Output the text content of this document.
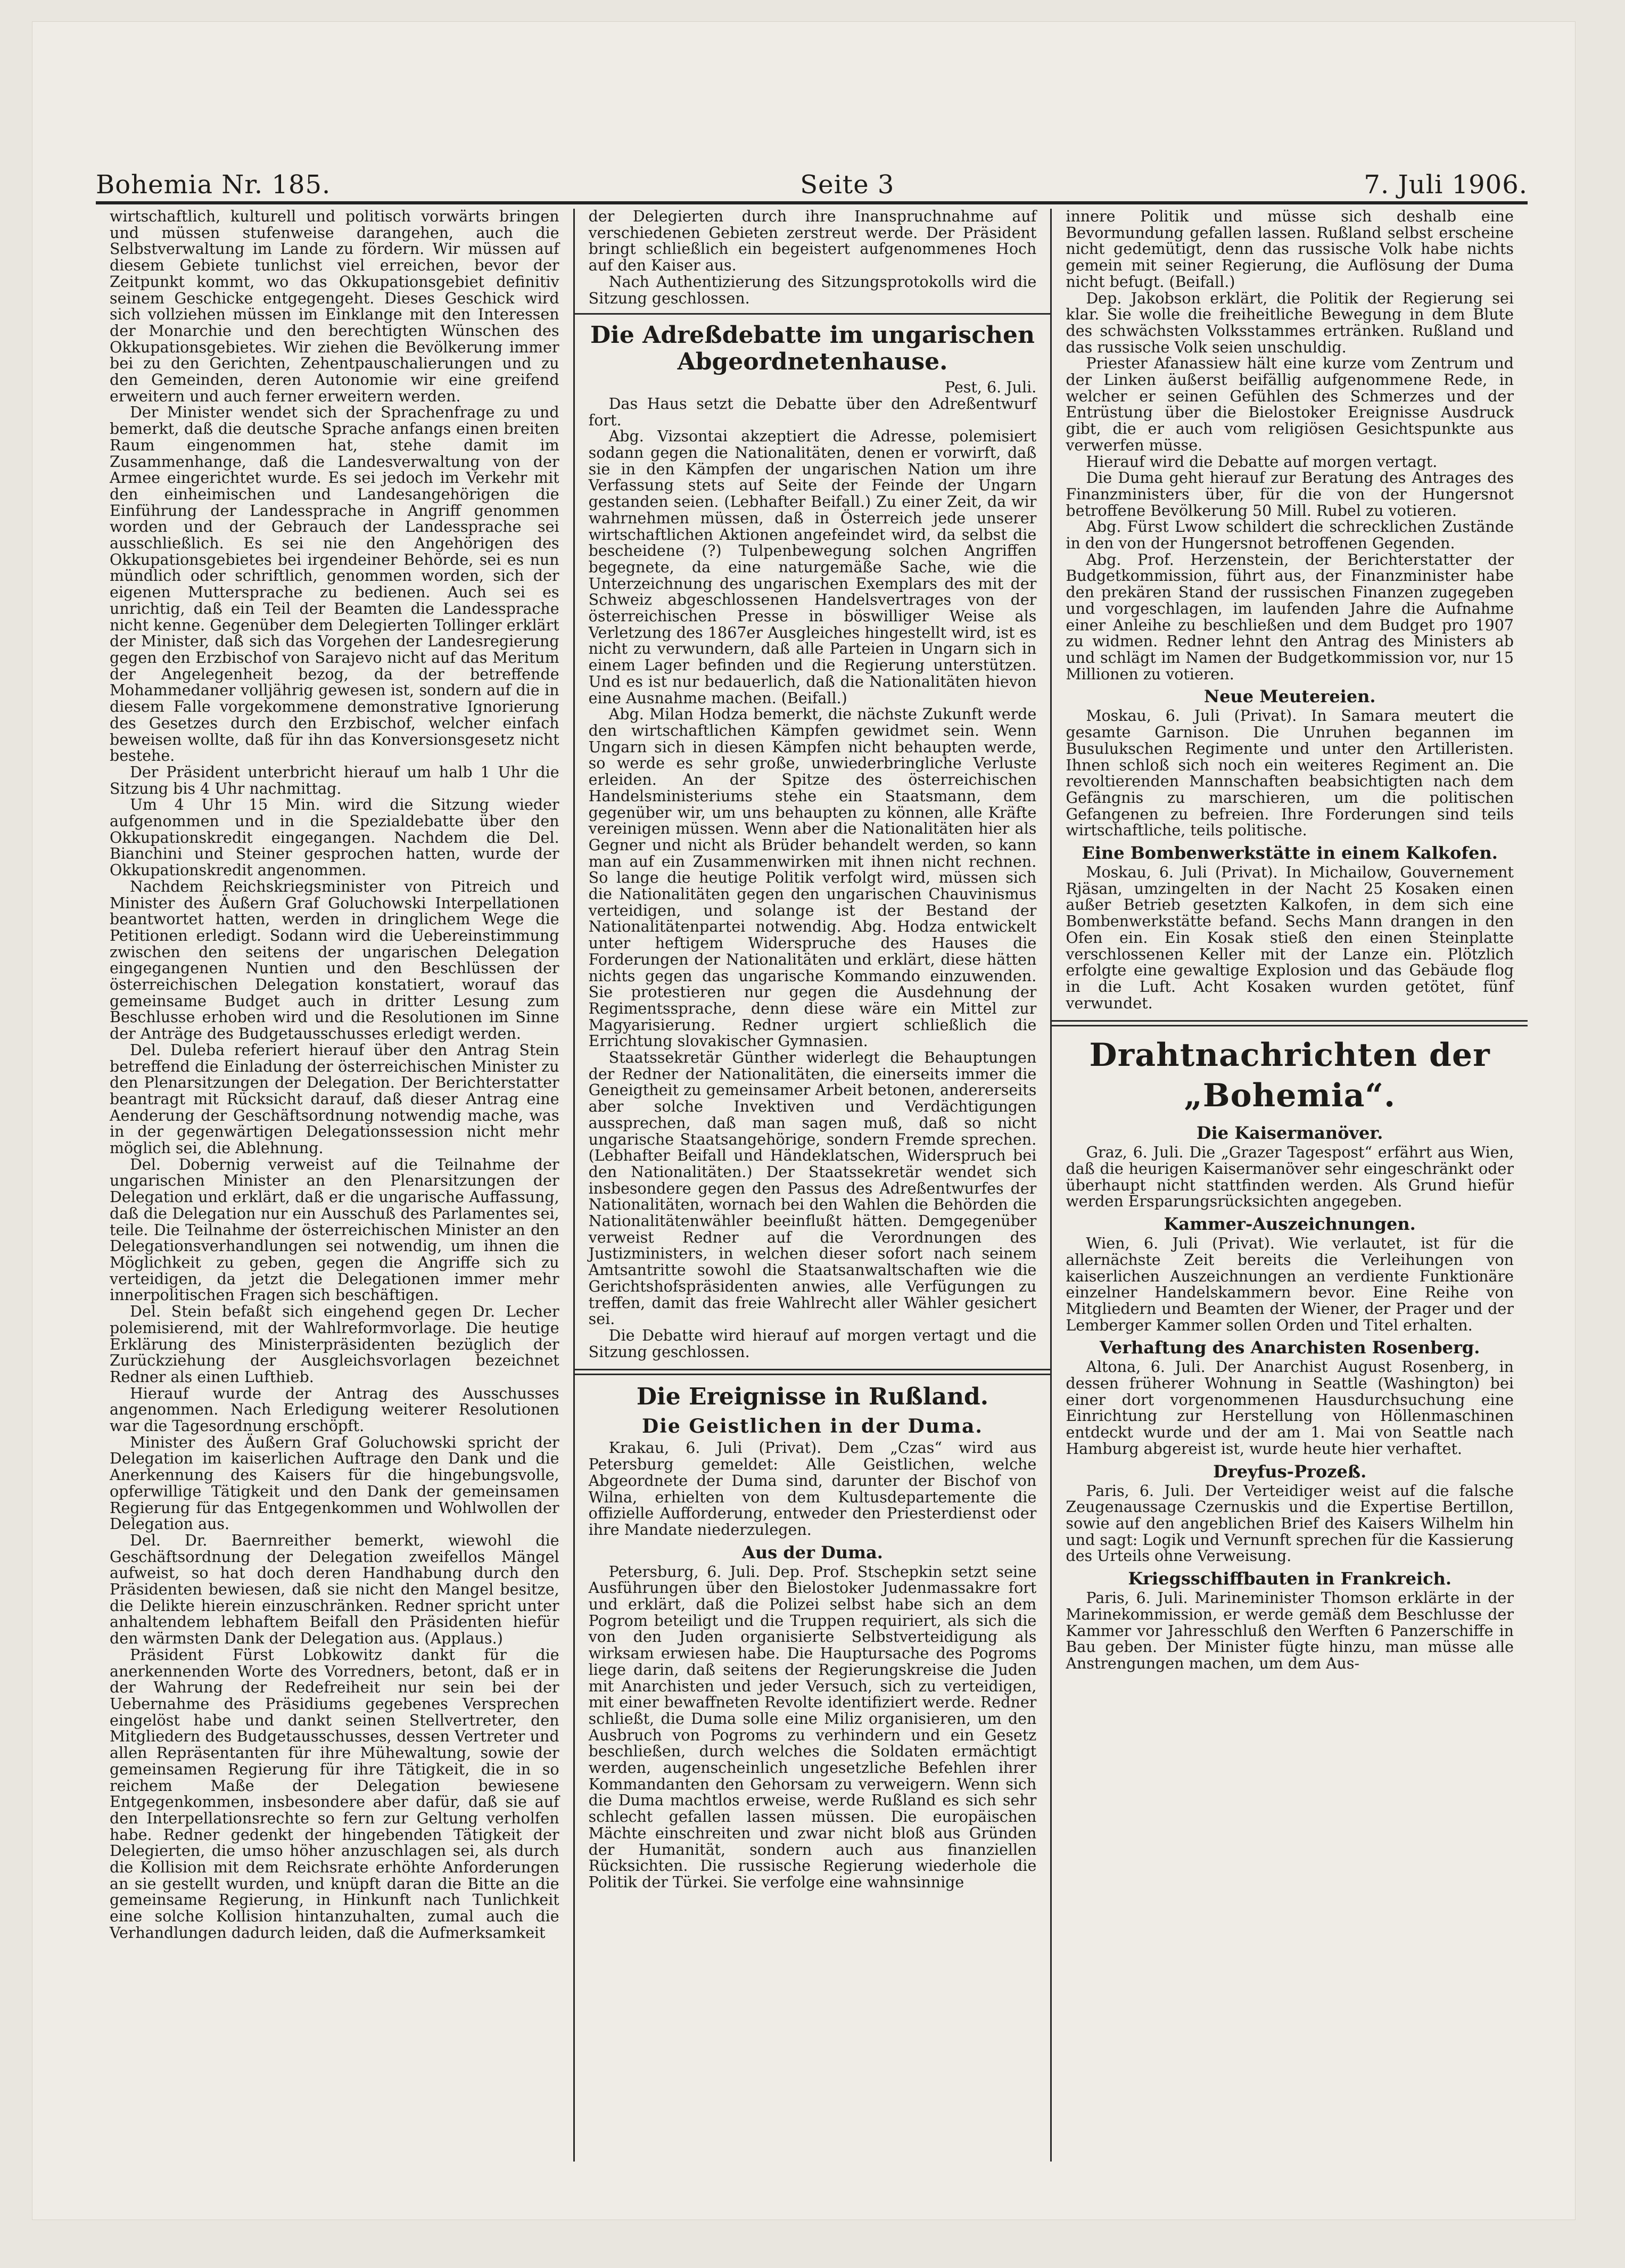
Bohemia Nr. 185.	Seite 3	7. Juli 1906.

wirtschaftlich, kulturell und politisch vorwärts bringen und müssen stufenweise darangehen, auch die Selbstverwaltung im Lande zu fördern. Wir müssen auf diesem Gebiete tunlichst viel erreichen, bevor der Zeitpunkt kommt, wo das Okkupationsgebiet definitiv seinem Geschicke entgegengeht. Dieses Geschick wird sich vollziehen müssen im Einklange mit den Interessen der Monarchie und den berechtigten Wünschen des Okkupationsgebietes. Wir ziehen die Bevölkerung immer bei zu den Gerichten, Zehentpauschalierungen und zu den Gemeinden, deren Autonomie wir eine greifend erweitern und auch ferner erweitern werden.

Der Minister wendet sich der Sprachenfrage zu und bemerkt, daß die deutsche Sprache anfangs einen breiten Raum eingenommen hat, stehe damit im Zusammenhange, daß die Landesverwaltung von der Armee eingerichtet wurde. Es sei jedoch im Verkehr mit den einheimischen und Landesangehörigen die Einführung der Landessprache in Angriff genommen worden und der Gebrauch der Landessprache sei ausschließlich. Es sei nie den Angehörigen des Okkupationsgebietes bei irgendeiner Behörde, sei es nun mündlich oder schriftlich, genommen worden, sich der eigenen Muttersprache zu bedienen. Auch sei es unrichtig, daß ein Teil der Beamten die Landessprache nicht kenne. Gegenüber dem Delegierten Tollinger erklärt der Minister, daß sich das Vorgehen der Landesregierung gegen den Erzbischof von Sarajevo nicht auf das Meritum der Angelegenheit bezog, da der betreffende Mohammedaner volljährig gewesen ist, sondern auf die in diesem Falle vorgekommene demonstrative Ignorierung des Gesetzes durch den Erzbischof, welcher einfach beweisen wollte, daß für ihn das Konversionsgesetz nicht bestehe.

Der Präsident unterbricht hierauf um halb 1 Uhr die Sitzung bis 4 Uhr nachmittag.

Um 4 Uhr 15 Min. wird die Sitzung wieder aufgenommen und in die Spezialdebatte über den Okkupationskredit eingegangen. Nachdem die Del. Bianchini und Steiner gesprochen hatten, wurde der Okkupationskredit angenommen.

Nachdem Reichskriegsminister von Pitreich und Minister des Äußern Graf Goluchowski Interpellationen beantwortet hatten, werden in dringlichem Wege die Petitionen erledigt. Sodann wird die Uebereinstimmung zwischen den seitens der ungarischen Delegation eingegangenen Nuntien und den Beschlüssen der österreichischen Delegation konstatiert, worauf das gemeinsame Budget auch in dritter Lesung zum Beschlusse erhoben wird und die Resolutionen im Sinne der Anträge des Budgetausschusses erledigt werden.

Del. Duleba referiert hierauf über den Antrag Stein betreffend die Einladung der österreichischen Minister zu den Plenarsitzungen der Delegation. Der Berichterstatter beantragt mit Rücksicht darauf, daß dieser Antrag eine Aenderung der Geschäftsordnung notwendig mache, was in der gegenwärtigen Delegationssession nicht mehr möglich sei, die Ablehnung.

Del. Dobernig verweist auf die Teilnahme der ungarischen Minister an den Plenarsitzungen der Delegation und erklärt, daß er die ungarische Auffassung, daß die Delegation nur ein Ausschuß des Parlamentes sei, teile. Die Teilnahme der österreichischen Minister an den Delegationsverhandlungen sei notwendig, um ihnen die Möglichkeit zu geben, gegen die Angriffe sich zu verteidigen, da jetzt die Delegationen immer mehr innerpolitischen Fragen sich beschäftigen.

Del. Stein befaßt sich eingehend gegen Dr. Lecher polemisierend, mit der Wahlreformvorlage. Die heutige Erklärung des Ministerpräsidenten bezüglich der Zurückziehung der Ausgleichsvorlagen bezeichnet Redner als einen Lufthieb.

Hierauf wurde der Antrag des Ausschusses angenommen. Nach Erledigung weiterer Resolutionen war die Tagesordnung erschöpft.

Minister des Äußern Graf Goluchowski spricht der Delegation im kaiserlichen Auftrage den Dank und die Anerkennung des Kaisers für die hingebungsvolle, opferwillige Tätigkeit und den Dank der gemeinsamen Regierung für das Entgegenkommen und Wohlwollen der Delegation aus.

Del. Dr. Baernreither bemerkt, wiewohl die Geschäftsordnung der Delegation zweifellos Mängel aufweist, so hat doch deren Handhabung durch den Präsidenten bewiesen, daß sie nicht den Mangel besitze, die Delikte hierein einzuschränken. Redner spricht unter anhaltendem lebhaftem Beifall den Präsidenten hiefür den wärmsten Dank der Delegation aus. (Applaus.)

Präsident Fürst Lobkowitz dankt für die anerkennenden Worte des Vorredners, betont, daß er in der Wahrung der Redefreiheit nur sein bei der Uebernahme des Präsidiums gegebenes Versprechen eingelöst habe und dankt seinen Stellvertreter, den Mitgliedern des Budgetausschusses, dessen Vertreter und allen Repräsentanten für ihre Mühewaltung, sowie der gemeinsamen Regierung für ihre Tätigkeit, die in so reichem Maße der Delegation bewiesene Entgegenkommen, insbesondere aber dafür, daß sie auf den Interpellationsrechte so fern zur Geltung verholfen habe. Redner gedenkt der hingebenden Tätigkeit der Delegierten, die umso höher anzuschlagen sei, als durch die Kollision mit dem Reichsrate erhöhte Anforderungen an sie gestellt wurden, und knüpft daran die Bitte an die gemeinsame Regierung, in Hinkunft nach Tunlichkeit eine solche Kollision hintanzuhalten, zumal auch die Verhandlungen dadurch leiden, daß die Aufmerksamkeit

der Delegierten durch ihre Inanspruchnahme auf verschiedenen Gebieten zerstreut werde. Der Präsident bringt schließlich ein begeistert aufgenommenes Hoch auf den Kaiser aus.

Nach Authentizierung des Sitzungsprotokolls wird die Sitzung geschlossen.

Die Adreßdebatte im ungarischen Abgeordnetenhause.

Pest, 6. Juli.

Das Haus setzt die Debatte über den Adreßentwurf fort.

Abg. Vizsontai akzeptiert die Adresse, polemisiert sodann gegen die Nationalitäten, denen er vorwirft, daß sie in den Kämpfen der ungarischen Nation um ihre Verfassung stets auf Seite der Feinde der Ungarn gestanden seien. (Lebhafter Beifall.) Zu einer Zeit, da wir wahrnehmen müssen, daß in Österreich jede unserer wirtschaftlichen Aktionen angefeindet wird, da selbst die bescheidene (?) Tulpenbewegung solchen Angriffen begegnete, da eine naturgemäße Sache, wie die Unterzeichnung des ungarischen Exemplars des mit der Schweiz abgeschlossenen Handelsvertrages von der österreichischen Presse in böswilliger Weise als Verletzung des 1867er Ausgleiches hingestellt wird, ist es nicht zu verwundern, daß alle Parteien in Ungarn sich in einem Lager befinden und die Regierung unterstützen. Und es ist nur bedauerlich, daß die Nationalitäten hievon eine Ausnahme machen. (Beifall.)

Abg. Milan Hodza bemerkt, die nächste Zukunft werde den wirtschaftlichen Kämpfen gewidmet sein. Wenn Ungarn sich in diesen Kämpfen nicht behaupten werde, so werde es sehr große, unwiederbringliche Verluste erleiden. An der Spitze des österreichischen Handelsministeriums stehe ein Staatsmann, dem gegenüber wir, um uns behaupten zu können, alle Kräfte vereinigen müssen. Wenn aber die Nationalitäten hier als Gegner und nicht als Brüder behandelt werden, so kann man auf ein Zusammenwirken mit ihnen nicht rechnen. So lange die heutige Politik verfolgt wird, müssen sich die Nationalitäten gegen den ungarischen Chauvinismus verteidigen, und solange ist der Bestand der Nationalitätenpartei notwendig. Abg. Hodza entwickelt unter heftigem Widerspruche des Hauses die Forderungen der Nationalitäten und erklärt, diese hätten nichts gegen das ungarische Kommando einzuwenden. Sie protestieren nur gegen die Ausdehnung der Regimentssprache, denn diese wäre ein Mittel zur Magyarisierung. Redner urgiert schließlich die Errichtung slovakischer Gymnasien.

Staatssekretär Günther widerlegt die Behauptungen der Redner der Nationalitäten, die einerseits immer die Geneigtheit zu gemeinsamer Arbeit betonen, andererseits aber solche Invektiven und Verdächtigungen aussprechen, daß man sagen muß, daß so nicht ungarische Staatsangehörige, sondern Fremde sprechen. (Lebhafter Beifall und Händeklatschen, Widerspruch bei den Nationalitäten.) Der Staatssekretär wendet sich insbesondere gegen den Passus des Adreßentwurfes der Nationalitäten, wornach bei den Wahlen die Behörden die Nationalitätenwähler beeinflußt hätten. Demgegenüber verweist Redner auf die Verordnungen des Justizministers, in welchen dieser sofort nach seinem Amtsantritte sowohl die Staatsanwaltschaften wie die Gerichtshofspräsidenten anwies, alle Verfügungen zu treffen, damit das freie Wahlrecht aller Wähler gesichert sei.

Die Debatte wird hierauf auf morgen vertagt und die Sitzung geschlossen.

Die Ereignisse in Rußland.
Die Geistlichen in der Duma.

Krakau, 6. Juli (Privat). Dem „Czas“ wird aus Petersburg gemeldet: Alle Geistlichen, welche Abgeordnete der Duma sind, darunter der Bischof von Wilna, erhielten von dem Kultusdepartemente die offizielle Aufforderung, entweder den Priesterdienst oder ihre Mandate niederzulegen.

Aus der Duma.

Petersburg, 6. Juli. Dep. Prof. Stschepkin setzt seine Ausführungen über den Bielostoker Judenmassakre fort und erklärt, daß die Polizei selbst habe sich an dem Pogrom beteiligt und die Truppen requiriert, als sich die von den Juden organisierte Selbstverteidigung als wirksam erwiesen habe. Die Hauptursache des Pogroms liege darin, daß seitens der Regierungskreise die Juden mit Anarchisten und jeder Versuch, sich zu verteidigen, mit einer bewaffneten Revolte identifiziert werde. Redner schließt, die Duma solle eine Miliz organisieren, um den Ausbruch von Pogroms zu verhindern und ein Gesetz beschließen, durch welches die Soldaten ermächtigt werden, augenscheinlich ungesetzliche Befehlen ihrer Kommandanten den Gehorsam zu verweigern. Wenn sich die Duma machtlos erweise, werde Rußland es sich sehr schlecht gefallen lassen müssen. Die europäischen Mächte einschreiten und zwar nicht bloß aus Gründen der Humanität, sondern auch aus finanziellen Rücksichten. Die russische Regierung wiederhole die Politik der Türkei. Sie verfolge eine wahnsinnige

innere Politik und müsse sich deshalb eine Bevormundung gefallen lassen. Rußland selbst erscheine nicht gedemütigt, denn das russische Volk habe nichts gemein mit seiner Regierung, die Auflösung der Duma nicht befugt. (Beifall.)

Dep. Jakobson erklärt, die Politik der Regierung sei klar. Sie wolle die freiheitliche Bewegung in dem Blute des schwächsten Volksstammes ertränken. Rußland und das russische Volk seien unschuldig.

Priester Afanassiew hält eine kurze vom Zentrum und der Linken äußerst beifällig aufgenommene Rede, in welcher er seinen Gefühlen des Schmerzes und der Entrüstung über die Bielostoker Ereignisse Ausdruck gibt, die er auch vom religiösen Gesichtspunkte aus verwerfen müsse.

Hierauf wird die Debatte auf morgen vertagt.

Die Duma geht hierauf zur Beratung des Antrages des Finanzministers über, für die von der Hungersnot betroffene Bevölkerung 50 Mill. Rubel zu votieren.

Abg. Fürst Lwow schildert die schrecklichen Zustände in den von der Hungersnot betroffenen Gegenden.

Abg. Prof. Herzenstein, der Berichterstatter der Budgetkommission, führt aus, der Finanzminister habe den prekären Stand der russischen Finanzen zugegeben und vorgeschlagen, im laufenden Jahre die Aufnahme einer Anleihe zu beschließen und dem Budget pro 1907 zu widmen. Redner lehnt den Antrag des Ministers ab und schlägt im Namen der Budgetkommission vor, nur 15 Millionen zu votieren.

Neue Meutereien.

Moskau, 6. Juli (Privat). In Samara meutert die gesamte Garnison. Die Unruhen begannen im Busulukschen Regimente und unter den Artilleristen. Ihnen schloß sich noch ein weiteres Regiment an. Die revoltierenden Mannschaften beabsichtigten nach dem Gefängnis zu marschieren, um die politischen Gefangenen zu befreien. Ihre Forderungen sind teils wirtschaftliche, teils politische.

Eine Bombenwerkstätte in einem Kalkofen.

Moskau, 6. Juli (Privat). In Michailow, Gouvernement Rjäsan, umzingelten in der Nacht 25 Kosaken einen außer Betrieb gesetzten Kalkofen, in dem sich eine Bombenwerkstätte befand. Sechs Mann drangen in den Ofen ein. Ein Kosak stieß den einen Steinplatte verschlossenen Keller mit der Lanze ein. Plötzlich erfolgte eine gewaltige Explosion und das Gebäude flog in die Luft. Acht Kosaken wurden getötet, fünf verwundet.

Drahtnachrichten der „Bohemia“.
Die Kaisermanöver.

Graz, 6. Juli. Die „Grazer Tagespost“ erfährt aus Wien, daß die heurigen Kaisermanöver sehr eingeschränkt oder überhaupt nicht stattfinden werden. Als Grund hiefür werden Ersparungsrücksichten angegeben.

Kammer-Auszeichnungen.

Wien, 6. Juli (Privat). Wie verlautet, ist für die allernächste Zeit bereits die Verleihungen von kaiserlichen Auszeichnungen an verdiente Funktionäre einzelner Handelskammern bevor. Eine Reihe von Mitgliedern und Beamten der Wiener, der Prager und der Lemberger Kammer sollen Orden und Titel erhalten.

Verhaftung des Anarchisten Rosenberg.

Altona, 6. Juli. Der Anarchist August Rosenberg, in dessen früherer Wohnung in Seattle (Washington) bei einer dort vorgenommenen Hausdurchsuchung eine Einrichtung zur Herstellung von Höllenmaschinen entdeckt wurde und der am 1. Mai von Seattle nach Hamburg abgereist ist, wurde heute hier verhaftet.

Dreyfus-Prozeß.

Paris, 6. Juli. Der Verteidiger weist auf die falsche Zeugenaussage Czernuskis und die Expertise Bertillon, sowie auf den angeblichen Brief des Kaisers Wilhelm hin und sagt: Logik und Vernunft sprechen für die Kassierung des Urteils ohne Verweisung.

Kriegsschiffbauten in Frankreich.

Paris, 6. Juli. Marineminister Thomson erklärte in der Marinekommission, er werde gemäß dem Beschlusse der Kammer vor Jahresschluß den Werften 6 Panzerschiffe in Bau geben. Der Minister fügte hinzu, man müsse alle Anstrengungen machen, um dem Aus-
